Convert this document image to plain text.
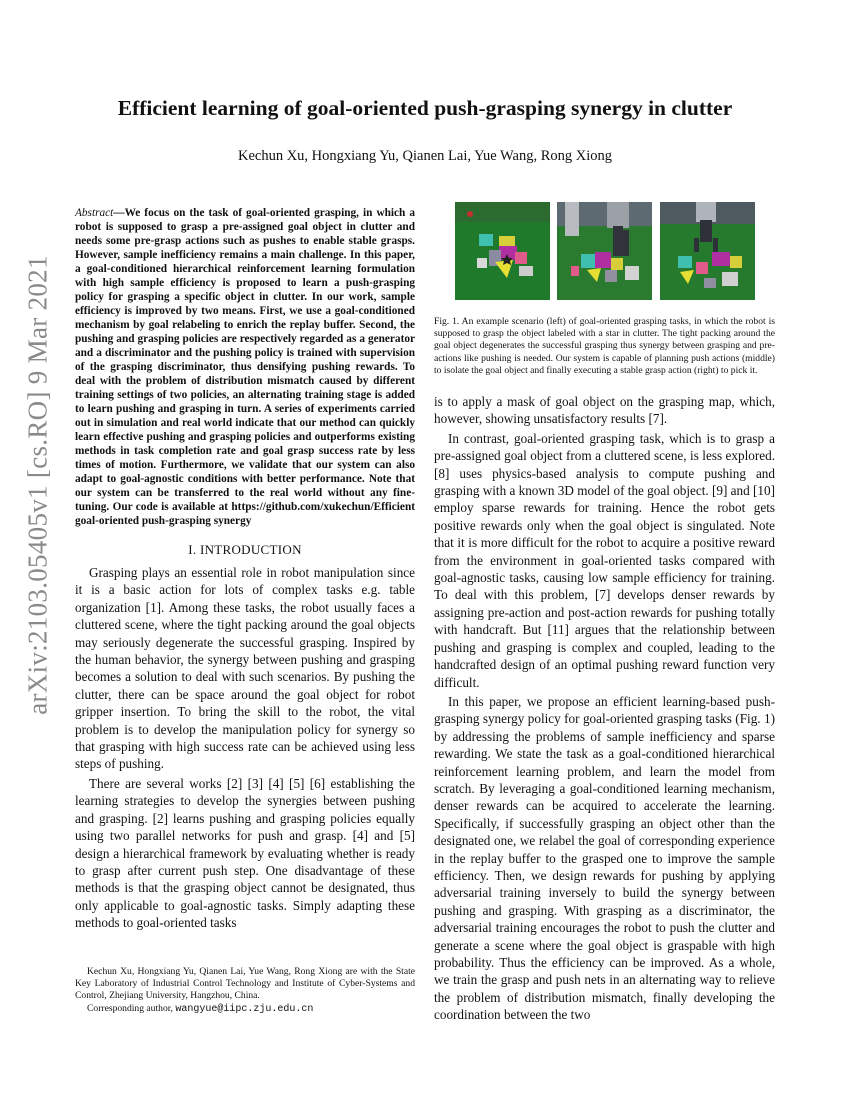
arXiv:2103.05405v1 [cs.RO] 9 Mar 2021
Efficient learning of goal-oriented push-grasping synergy in clutter
Kechun Xu, Hongxiang Yu, Qianen Lai, Yue Wang, Rong Xiong

Abstract—We focus on the task of goal-oriented grasping, in which a robot is supposed to grasp a pre-assigned goal object in clutter and needs some pre-grasp actions such as pushes to enable stable grasps. However, sample inefficiency remains a main challenge. In this paper, a goal-conditioned hierarchical reinforcement learning formulation with high sample efficiency is proposed to learn a push-grasping policy for grasping a specific object in clutter. In our work, sample efficiency is improved by two means. First, we use a goal-conditioned mechanism by goal relabeling to enrich the replay buffer. Second, the pushing and grasping policies are respectively regarded as a generator and a discriminator and the pushing policy is trained with supervision of the grasping discriminator, thus densifying pushing rewards. To deal with the problem of distribution mismatch caused by different training settings of two policies, an alternating training stage is added to learn pushing and grasping in turn. A series of experiments carried out in simulation and real world indicate that our method can quickly learn effective pushing and grasping policies and outperforms existing methods in task completion rate and goal grasp success rate by less times of motion. Furthermore, we validate that our system can also adapt to goal-agnostic conditions with better performance. Note that our system can be transferred to the real world without any fine-tuning. Our code is available at https://github.com/xukechun/Efficient goal-oriented push-grasping synergy

I. INTRODUCTION

Grasping plays an essential role in robot manipulation since it is a basic action for lots of complex tasks e.g. table organization [1]. Among these tasks, the robot usually faces a cluttered scene, where the tight packing around the goal objects may seriously degenerate the successful grasping. Inspired by the human behavior, the synergy between pushing and grasping becomes a solution to deal with such scenarios. By pushing the clutter, there can be space around the goal object for robot gripper insertion. To bring the skill to the robot, the vital problem is to develop the manipulation policy for synergy so that grasping with high success rate can be achieved using less steps of pushing.

There are several works [2] [3] [4] [5] [6] establishing the learning strategies to develop the synergies between pushing and grasping. [2] learns pushing and grasping policies equally using two parallel networks for push and grasp. [4] and [5] design a hierarchical framework by evaluating whether is ready to grasp after current push step. One disadvantage of these methods is that the grasping object cannot be designated, thus only applicable to goal-agnostic tasks. Simply adapting these methods to goal-oriented tasks

Kechun Xu, Hongxiang Yu, Qianen Lai, Yue Wang, Rong Xiong are with the State Key Laboratory of Industrial Control Technology and Institute of Cyber-Systems and Control, Zhejiang University, Hangzhou, China.

Corresponding author, wangyue@iipc.zju.edu.cn

Fig. 1. An example scenario (left) of goal-oriented grasping tasks, in which the robot is supposed to grasp the object labeled with a star in clutter. The tight packing around the goal object degenerates the successful grasping thus synergy between grasping and pre-actions like pushing is needed. Our system is capable of planning push actions (middle) to isolate the goal object and finally executing a stable grasp action (right) to pick it.

is to apply a mask of goal object on the grasping map, which, however, showing unsatisfactory results [7].

In contrast, goal-oriented grasping task, which is to grasp a pre-assigned goal object from a cluttered scene, is less explored. [8] uses physics-based analysis to compute pushing and grasping with a known 3D model of the goal object. [9] and [10] employ sparse rewards for training. Hence the robot gets positive rewards only when the goal object is singulated. Note that it is more difficult for the robot to acquire a positive reward from the environment in goal-oriented tasks compared with goal-agnostic tasks, causing low sample efficiency for training. To deal with this problem, [7] develops denser rewards by assigning pre-action and post-action rewards for pushing totally with handcraft. But [11] argues that the relationship between pushing and grasping is complex and coupled, leading to the handcrafted design of an optimal pushing reward function very difficult.

In this paper, we propose an efficient learning-based push-grasping synergy policy for goal-oriented grasping tasks (Fig. 1) by addressing the problems of sample inefficiency and sparse rewarding. We state the task as a goal-conditioned hierarchical reinforcement learning problem, and learn the model from scratch. By leveraging a goal-conditioned learning mechanism, denser rewards can be acquired to accelerate the learning. Specifically, if successfully grasping an object other than the designated one, we relabel the goal of corresponding experience in the replay buffer to the grasped one to improve the sample efficiency. Then, we design rewards for pushing by applying adversarial training inversely to build the synergy between pushing and grasping. With grasping as a discriminator, the adversarial training encourages the robot to push the clutter and generate a scene where the goal object is graspable with high probability. Thus the efficiency can be improved. As a whole, we train the grasp and push nets in an alternating way to relieve the problem of distribution mismatch, finally developing the coordination between the two
